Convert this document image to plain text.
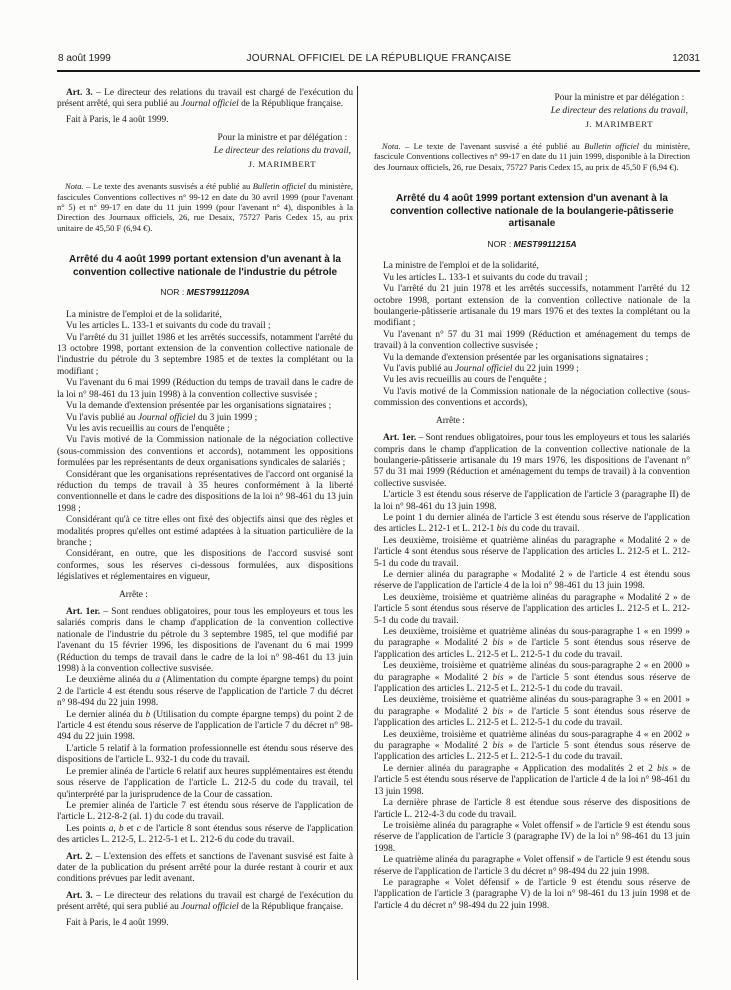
8 août 1999	JOURNAL OFFICIEL DE LA RÉPUBLIQUE FRANÇAISE	12031
Art. 3. – Le directeur des relations du travail est chargé de l'exécution du présent arrêté, qui sera publié au Journal officiel de la République française.
Fait à Paris, le 4 août 1999.
Pour la ministre et par délégation :
Le directeur des relations du travail,
J. MARIMBERT
Nota. – Le texte des avenants susvisés a été publié au Bulletin officiel du ministère, fascicules Conventions collectives n° 99-12 en date du 30 avril 1999 (pour l'avenant n° 5) et n° 99-17 en date du 11 juin 1999 (pour l'avenant n° 4), disponibles à la Direction des Journaux officiels, 26, rue Desaix, 75727 Paris Cedex 15, au prix unitaire de 45,50 F (6,94 €).
Arrêté du 4 août 1999 portant extension d'un avenant à la convention collective nationale de l'industrie du pétrole
NOR : MEST9911209A
La ministre de l'emploi et de la solidarité,
Vu les articles L. 133-1 et suivants du code du travail ;
Vu l'arrêté du 31 juillet 1986 et les arrêtés successifs, notamment l'arrêté du 13 octobre 1998, portant extension de la convention collective nationale de l'industrie du pétrole du 3 septembre 1985 et de textes la complétant ou la modifiant ;
Vu l'avenant du 6 mai 1999 (Réduction du temps de travail dans le cadre de la loi n° 98-461 du 13 juin 1998) à la convention collective susvisée ;
Vu la demande d'extension présentée par les organisations signataires ;
Vu l'avis publié au Journal officiel du 3 juin 1999 ;
Vu les avis recueillis au cours de l'enquête ;
Vu l'avis motivé de la Commission nationale de la négociation collective (sous-commission des conventions et accords), notamment les oppositions formulées par les représentants de deux organisations syndicales de salariés ;
Considérant que les organisations représentatives de l'accord ont organisé la réduction du temps de travail à 35 heures conformément à la liberté conventionnelle et dans le cadre des dispositions de la loi n° 98-461 du 13 juin 1998 ;
Considérant qu'à ce titre elles ont fixé des objectifs ainsi que des règles et modalités propres qu'elles ont estimé adaptées à la situation particulière de la branche ;
Considérant, en outre, que les dispositions de l'accord susvisé sont conformes, sous les réserves ci-dessous formulées, aux dispositions législatives et réglementaires en vigueur,
Arrête :
Art. 1er. – Sont rendues obligatoires, pour tous les employeurs et tous les salariés compris dans le champ d'application de la convention collective nationale de l'industrie du pétrole du 3 septembre 1985, tel que modifié par l'avenant du 15 février 1996, les dispositions de l'avenant du 6 mai 1999 (Réduction du temps de travail dans le cadre de la loi n° 98-461 du 13 juin 1998) à la convention collective susvisée.
Le deuxième alinéa du a (Alimentation du compte épargne temps) du point 2 de l'article 4 est étendu sous réserve de l'application de l'article 7 du décret n° 98-494 du 22 juin 1998.
Le dernier alinéa du b (Utilisation du compte épargne temps) du point 2 de l'article 4 est étendu sous réserve de l'application de l'article 7 du décret n° 98-494 du 22 juin 1998.
L'article 5 relatif à la formation professionnelle est étendu sous réserve des dispositions de l'article L. 932-1 du code du travail.
Le premier alinéa de l'article 6 relatif aux heures supplémentaires est étendu sous réserve de l'application de l'article L. 212-5 du code du travail, tel qu'interprété par la jurisprudence de la Cour de cassation.
Le premier alinéa de l'article 7 est étendu sous réserve de l'application de l'article L. 212-8-2 (al. 1) du code du travail.
Les points a, b et c de l'article 8 sont étendus sous réserve de l'application des articles L. 212-5, L. 212-5-1 et L. 212-6 du code du travail.
Art. 2. – L'extension des effets et sanctions de l'avenant susvisé est faite à dater de la publication du présent arrêté pour la durée restant à courir et aux conditions prévues par ledit avenant.
Art. 3. – Le directeur des relations du travail est chargé de l'exécution du présent arrêté, qui sera publié au Journal officiel de la République française.
Fait à Paris, le 4 août 1999.
Pour la ministre et par délégation :
Le directeur des relations du travail,
J. MARIMBERT
Nota. – Le texte de l'avenant susvisé a été publié au Bulletin officiel du ministère, fascicule Conventions collectives n° 99-17 en date du 11 juin 1999, disponible à la Direction des Journaux officiels, 26, rue Desaix, 75727 Paris Cedex 15, au prix de 45,50 F (6,94 €).
Arrêté du 4 août 1999 portant extension d'un avenant à la convention collective nationale de la boulangerie-pâtisserie artisanale
NOR : MEST9911215A
La ministre de l'emploi et de la solidarité,
Vu les articles L. 133-1 et suivants du code du travail ;
Vu l'arrêté du 21 juin 1978 et les arrêtés successifs, notamment l'arrêté du 12 octobre 1998, portant extension de la convention collective nationale de la boulangerie-pâtisserie artisanale du 19 mars 1976 et des textes la complétant ou la modifiant ;
Vu l'avenant n° 57 du 31 mai 1999 (Réduction et aménagement du temps de travail) à la convention collective susvisée ;
Vu la demande d'extension présentée par les organisations signataires ;
Vu l'avis publié au Journal officiel du 22 juin 1999 ;
Vu les avis recueillis au cours de l'enquête ;
Vu l'avis motivé de la Commission nationale de la négociation collective (sous-commission des conventions et accords),
Arrête :
Art. 1er. – Sont rendues obligatoires, pour tous les employeurs et tous les salariés compris dans le champ d'application de la convention collective nationale de la boulangerie-pâtisserie artisanale du 19 mars 1976, les dispositions de l'avenant n° 57 du 31 mai 1999 (Réduction et aménagement du temps de travail) à la convention collective susvisée.
L'article 3 est étendu sous réserve de l'application de l'article 3 (paragraphe II) de la loi n° 98-461 du 13 juin 1998.
Le point 1 du dernier alinéa de l'article 3 est étendu sous réserve de l'application des articles L. 212-1 et L. 212-1 bis du code du travail.
Les deuxième, troisième et quatrième alinéas du paragraphe « Modalité 2 » de l'article 4 sont étendus sous réserve de l'application des articles L. 212-5 et L. 212-5-1 du code du travail.
Le dernier alinéa du paragraphe « Modalité 2 » de l'article 4 est étendu sous réserve de l'application de l'article 4 de la loi n° 98-461 du 13 juin 1998.
Les deuxième, troisième et quatrième alinéas du paragraphe « Modalité 2 » de l'article 5 sont étendus sous réserve de l'application des articles L. 212-5 et L. 212-5-1 du code du travail.
Les deuxième, troisième et quatrième alinéas du sous-paragraphe 1 « en 1999 » du paragraphe « Modalité 2 bis » de l'article 5 sont étendus sous réserve de l'application des articles L. 212-5 et L. 212-5-1 du code du travail.
Les deuxième, troisième et quatrième alinéas du sous-paragraphe 2 « en 2000 » du paragraphe « Modalité 2 bis » de l'article 5 sont étendus sous réserve de l'application des articles L. 212-5 et L. 212-5-1 du code du travail.
Les deuxième, troisième et quatrième alinéas du sous-paragraphe 3 « en 2001 » du paragraphe « Modalité 2 bis » de l'article 5 sont étendus sous réserve de l'application des articles L. 212-5 et L. 212-5-1 du code du travail.
Les deuxième, troisième et quatrième alinéas du sous-paragraphe 4 « en 2002 » du paragraphe « Modalité 2 bis » de l'article 5 sont étendus sous réserve de l'application des articles L. 212-5 et L. 212-5-1 du code du travail.
Le dernier alinéa du paragraphe « Application des modalités 2 et 2 bis » de l'article 5 est étendu sous réserve de l'application de l'article 4 de la loi n° 98-461 du 13 juin 1998.
La dernière phrase de l'article 8 est étendue sous réserve des dispositions de l'article L. 212-4-3 du code du travail.
Le troisième alinéa du paragraphe « Volet offensif » de l'article 9 est étendu sous réserve de l'application de l'article 3 (paragraphe IV) de la loi n° 98-461 du 13 juin 1998.
Le quatrième alinéa du paragraphe « Volet offensif » de l'article 9 est étendu sous réserve de l'application de l'article 3 du décret n° 98-494 du 22 juin 1998.
Le paragraphe « Volet défensif » de l'article 9 est étendu sous réserve de l'application de l'article 3 (paragraphe V) de la loi n° 98-461 du 13 juin 1998 et de l'article 4 du décret n° 98-494 du 22 juin 1998.
